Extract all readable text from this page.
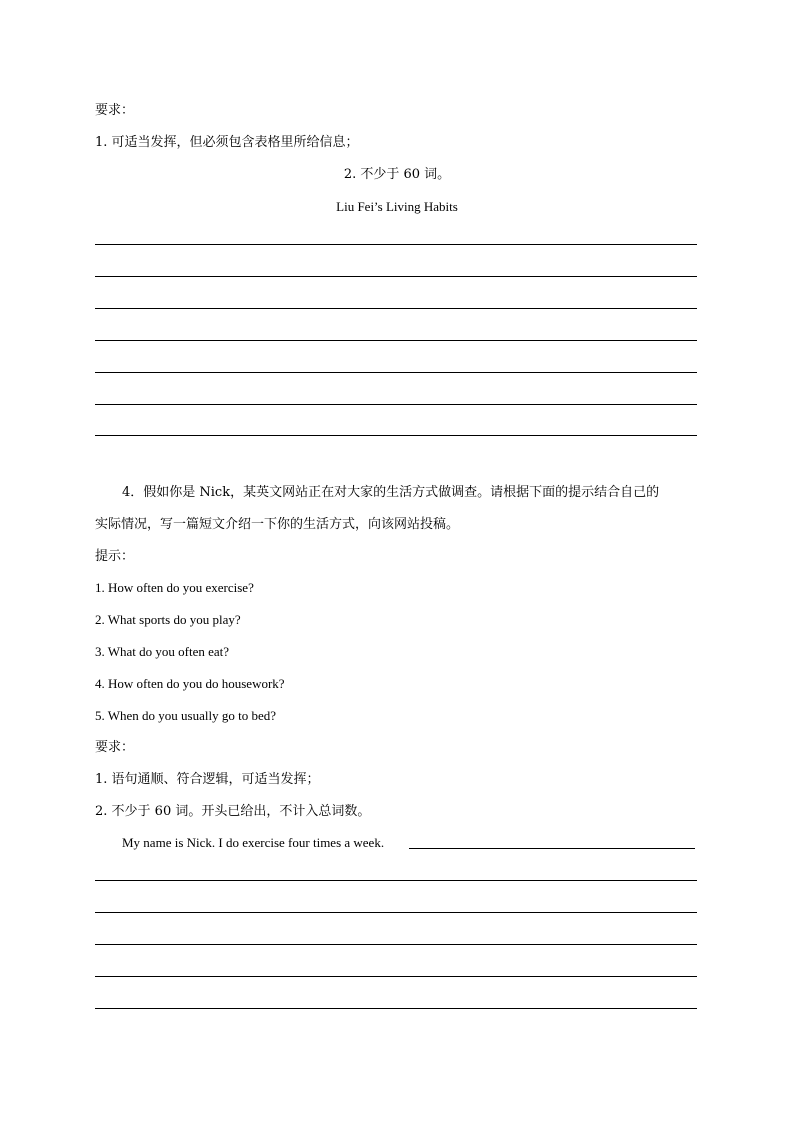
要求：
1. 可适当发挥，但必须包含表格里所给信息；
2. 不少于 60 词。
Liu Fei’s Living Habits
4．假如你是 Nick，某英文网站正在对大家的生活方式做调查。请根据下面的提示结合自己的
实际情况，写一篇短文介绍一下你的生活方式，向该网站投稿。
提示：
1. How often do you exercise?
2. What sports do you play?
3. What do you often eat?
4. How often do you do housework?
5. When do you usually go to bed?
要求：
1. 语句通顺、符合逻辑，可适当发挥；
2. 不少于 60 词。开头已给出，不计入总词数。
My name is Nick. I do exercise four times a week.
